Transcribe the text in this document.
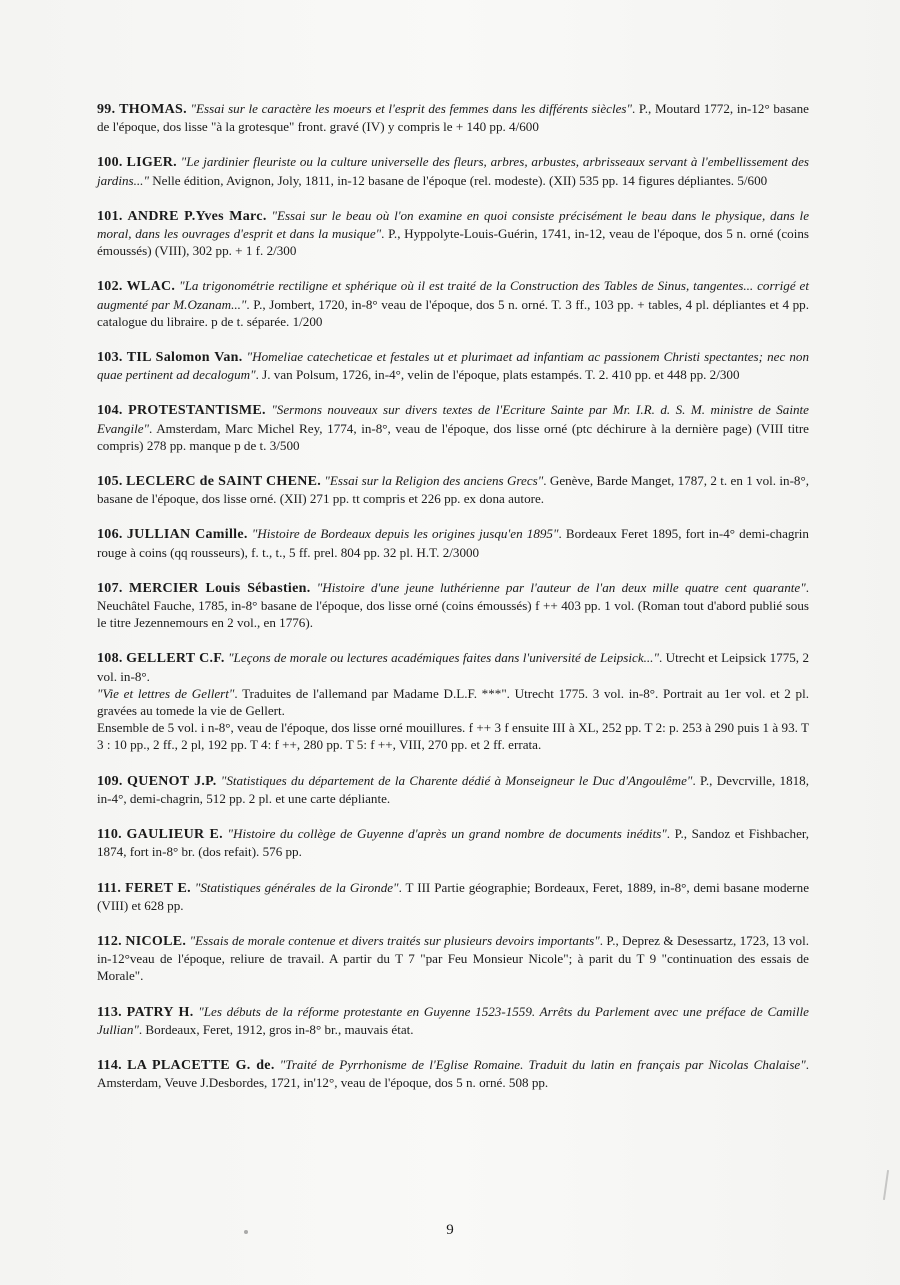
99. THOMAS. "Essai sur le caractère les moeurs et l'esprit des femmes dans les différents siècles". P., Moutard 1772, in-12° basane de l'époque, dos lisse "à la grotesque" front. gravé (IV) y compris le + 140 pp. 4/600
100. LIGER. "Le jardinier fleuriste ou la culture universelle des fleurs, arbres, arbustes, arbrisseaux servant à l'embellissement des jardins..." Nelle édition, Avignon, Joly, 1811, in-12 basane de l'époque (rel. modeste). (XII) 535 pp. 14 figures dépliantes. 5/600
101. ANDRE P.Yves Marc. "Essai sur le beau où l'on examine en quoi consiste précisément le beau dans le physique, dans le moral, dans les ouvrages d'esprit et dans la musique". P., Hyppolyte-Louis-Guérin, 1741, in-12, veau de l'époque, dos 5 n. orné (coins émoussés) (VIII), 302 pp. + 1 f. 2/300
102. WLAC. "La trigonométrie rectiligne et sphérique où il est traité de la Construction des Tables de Sinus, tangentes... corrigé et augmenté par M.Ozanam...". P., Jombert, 1720, in-8° veau de l'époque, dos 5 n. orné. T. 3 ff., 103 pp. + tables, 4 pl. dépliantes et 4 pp. catalogue du libraire. p de t. séparée. 1/200
103. TIL Salomon Van. "Homeliae catecheticae et festales ut et plurimaet ad infantiam ac passionem Christi spectantes; nec non quae pertinent ad decalogum". J. van Polsum, 1726, in-4°, velin de l'époque, plats estampés. T. 2. 410 pp. et 448 pp. 2/300
104. PROTESTANTISME. "Sermons nouveaux sur divers textes de l'Ecriture Sainte par Mr. I.R. d. S. M. ministre de Sainte Evangile". Amsterdam, Marc Michel Rey, 1774, in-8°, veau de l'époque, dos lisse orné (ptc déchirure à la dernière page) (VIII titre compris) 278 pp. manque p de t. 3/500
105. LECLERC de SAINT CHENE. "Essai sur la Religion des anciens Grecs". Genève, Barde Manget, 1787, 2 t. en 1 vol. in-8°, basane de l'époque, dos lisse orné. (XII) 271 pp. tt compris et 226 pp. ex dona autore.
106. JULLIAN Camille. "Histoire de Bordeaux depuis les origines jusqu'en 1895". Bordeaux Feret 1895, fort in-4° demi-chagrin rouge à coins (qq rousseurs), f. t., t., 5 ff. prel. 804 pp. 32 pl. H.T. 2/3000
107. MERCIER Louis Sébastien. "Histoire d'une jeune luthérienne par l'auteur de l'an deux mille quatre cent quarante". Neuchâtel Fauche, 1785, in-8° basane de l'époque, dos lisse orné (coins émoussés) f ++ 403 pp. 1 vol. (Roman tout d'abord publié sous le titre Jezennemours en 2 vol., en 1776).
108. GELLERT C.F. "Leçons de morale ou lectures académiques faites dans l'université de Leipsick...". Utrecht et Leipsick 1775, 2 vol. in-8°.
"Vie et lettres de Gellert". Traduites de l'allemand par Madame D.L.F. ***". Utrecht 1775. 3 vol. in-8°. Portrait au 1er vol. et 2 pl. gravées au tomede la vie de Gellert.
Ensemble de 5 vol. i n-8°, veau de l'époque, dos lisse orné mouillures. f ++ 3 f ensuite III à XL, 252 pp. T 2: p. 253 à 290 puis 1 à 93. T 3 : 10 pp., 2 ff., 2 pl, 192 pp. T 4: f ++, 280 pp. T 5: f ++, VIII, 270 pp. et 2 ff. errata.
109. QUENOT J.P. "Statistiques du département de la Charente dédié à Monseigneur le Duc d'Angoulême". P., Devcrville, 1818, in-4°, demi-chagrin, 512 pp. 2 pl. et une carte dépliante.
110. GAULIEUR E. "Histoire du collège de Guyenne d'après un grand nombre de documents inédits". P., Sandoz et Fishbacher, 1874, fort in-8° br. (dos refait). 576 pp.
111. FERET E. "Statistiques générales de la Gironde". T III Partie géographie; Bordeaux, Feret, 1889, in-8°, demi basane moderne (VIII) et 628 pp.
112. NICOLE. "Essais de morale contenue et divers traités sur plusieurs devoirs importants". P., Deprez & Desessartz, 1723, 13 vol. in-12°veau de l'époque, reliure de travail. A partir du T 7 "par Feu Monsieur Nicole"; à parit du T 9 "continuation des essais de Morale".
113. PATRY H. "Les débuts de la réforme protestante en Guyenne 1523-1559. Arrêts du Parlement avec une préface de Camille Jullian". Bordeaux, Feret, 1912, gros in-8° br., mauvais état.
114. LA PLACETTE G. de. "Traité de Pyrrhonisme de l'Eglise Romaine. Traduit du latin en français par Nicolas Chalaise". Amsterdam, Veuve J.Desbordes, 1721, in'12°, veau de l'époque, dos 5 n. orné. 508 pp.
9
